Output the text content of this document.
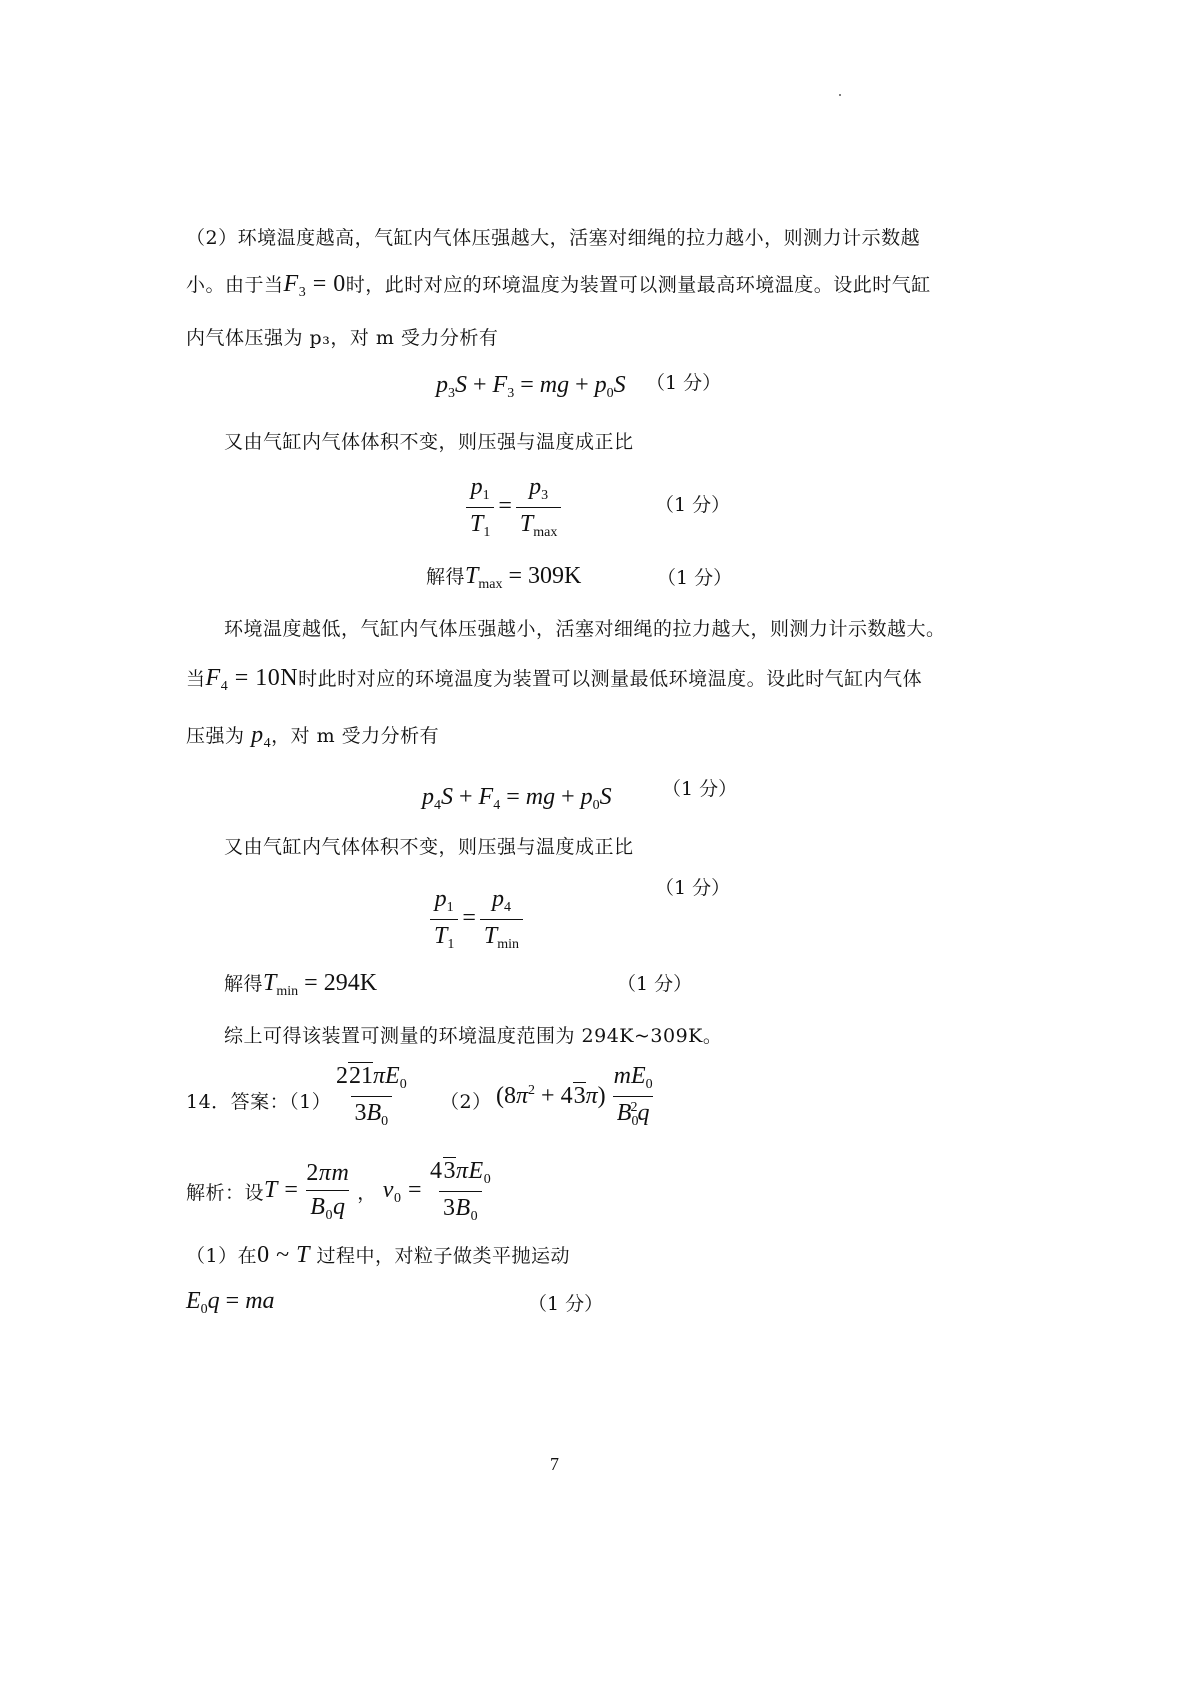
（2）环境温度越高，气缸内气体压强越大，活塞对细绳的拉力越小，则测力计示数越
小。由于当$F_3 = 0$时，此时对应的环境温度为装置可以测量最高环境温度。设此时气缸
内气体压强为 p₃，对 m 受力分析有
$p_3S + F_3$ = mg + $p_0S$ （1 分）
又由气缸内气体体积不变，则压强与温度成正比
$\frac{p_1}{T_1} = \frac{p_3}{T_{max}}$	（1 分）
解得$T_{max} = 309K$	（1 分）
环境温度越低，气缸内气体压强越小，活塞对细绳的拉力越大，则测力计示数越大。
当$F_4 = 10N$时此时对应的环境温度为装置可以测量最低环境温度。设此时气缸内气体
压强为 $p_4$，对 m 受力分析有
$p_4S + F_4$ = mg + $p_0S$	（1 分）
又由气缸内气体体积不变，则压强与温度成正比
$\frac{p_1}{T_1} = \frac{p_4}{T_{min}}$	（1 分）
解得$T_{min} = 294K$	（1 分）
综上可得该装置可测量的环境温度范围为 294K~309K。
14．答案：$(1) \frac{221\pi E_0}{3B_0} (2) (8\pi^2 + 43\pi) \frac{mE_0}{B_0^2q}$
解析：设$T = \frac{2\pi m}{B_0q}$ ， $v_0 = \frac{43\pi E_0}{3B_0}$
（1）在0 ~ T 过程中，对粒子做类平抛运动
$E_0q$ = ma	（1 分）
7
